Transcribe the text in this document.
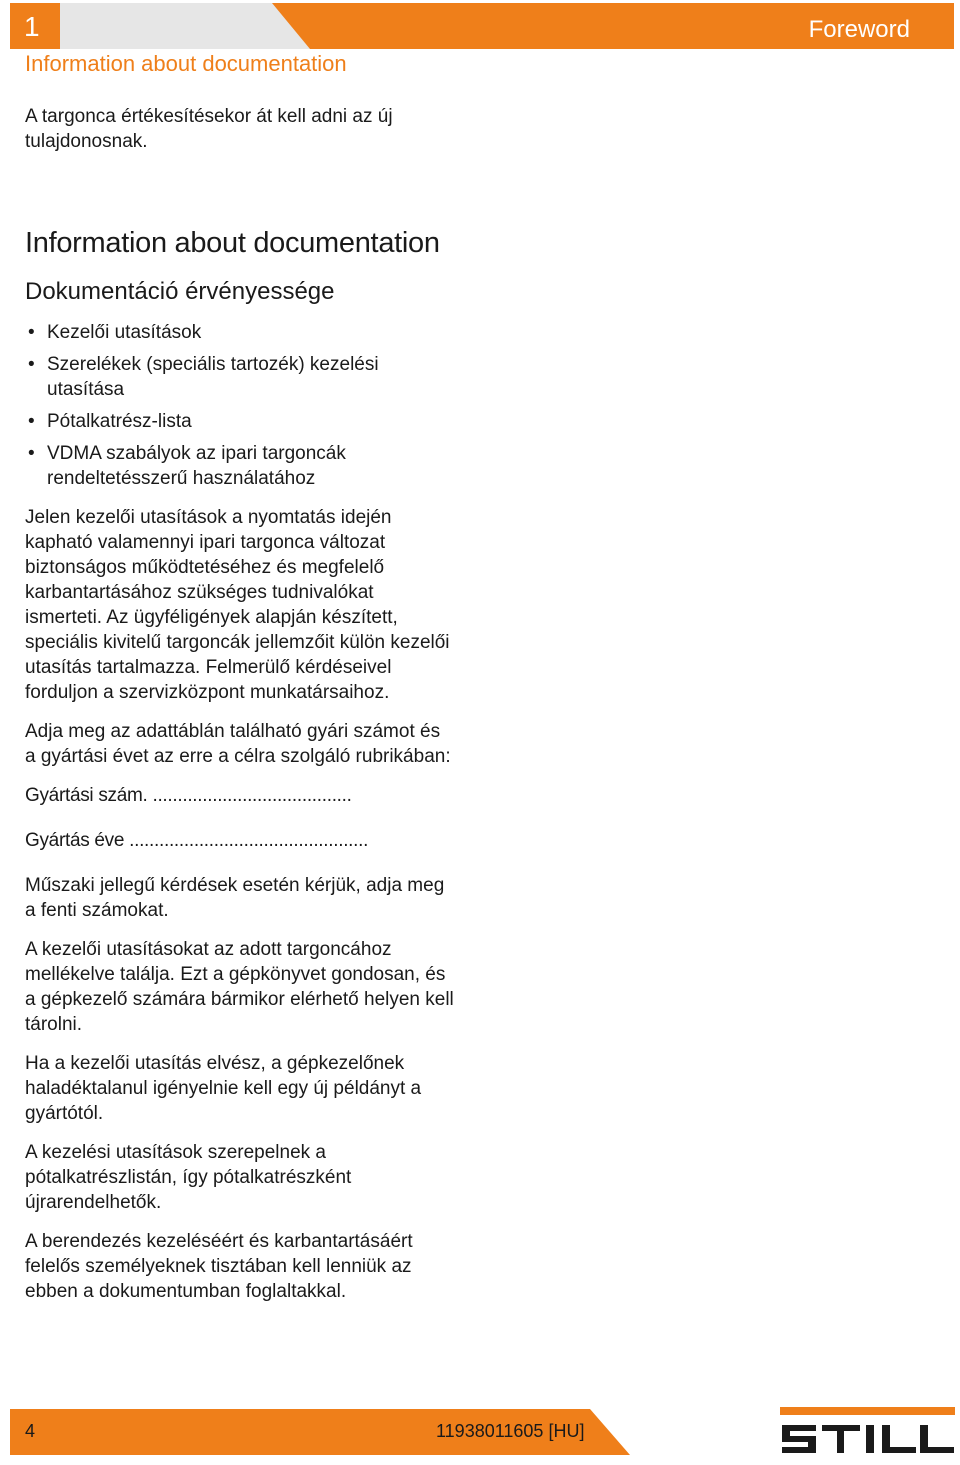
1	Foreword
Information about documentation

A targonca értékesítésekor át kell adni az új tulajdonosnak.

Information about documentation
Dokumentáció érvényessége
• Kezelői utasítások
• Szerelékek (speciális tartozék) kezelési utasítása
• Pótalkatrész-lista
• VDMA szabályok az ipari targoncák rendeltetésszerű használatához

Jelen kezelői utasítások a nyomtatás idején kapható valamennyi ipari targonca változat biztonságos működtetéséhez és megfelelő karbantartásához szükséges tudnivalókat ismerteti. Az ügyféligények alapján készített, speciális kivitelű targoncák jellemzőit külön kezelői utasítás tartalmazza. Felmerülő kérdéseivel forduljon a szervizközpont munkatársaihoz.

Adja meg az adattáblán található gyári számot és a gyártási évet az erre a célra szolgáló rubrikában:

Gyártási szám. ........................................

Gyártás éve ................................................

Műszaki jellegű kérdések esetén kérjük, adja meg a fenti számokat.

A kezelői utasításokat az adott targoncához mellékelve találja. Ezt a gépkönyvet gondosan, és a gépkezelő számára bármikor elérhető helyen kell tárolni.

Ha a kezelői utasítás elvész, a gépkezelőnek haladéktalanul igényelnie kell egy új példányt a gyártótól.

A kezelési utasítások szerepelnek a pótalkatrészlistán, így pótalkatrészként újrarendelhetők.

A berendezés kezeléséért és karbantartásáért felelős személyeknek tisztában kell lenniük az ebben a dokumentumban foglaltakkal.

4	11938011605 [HU]
